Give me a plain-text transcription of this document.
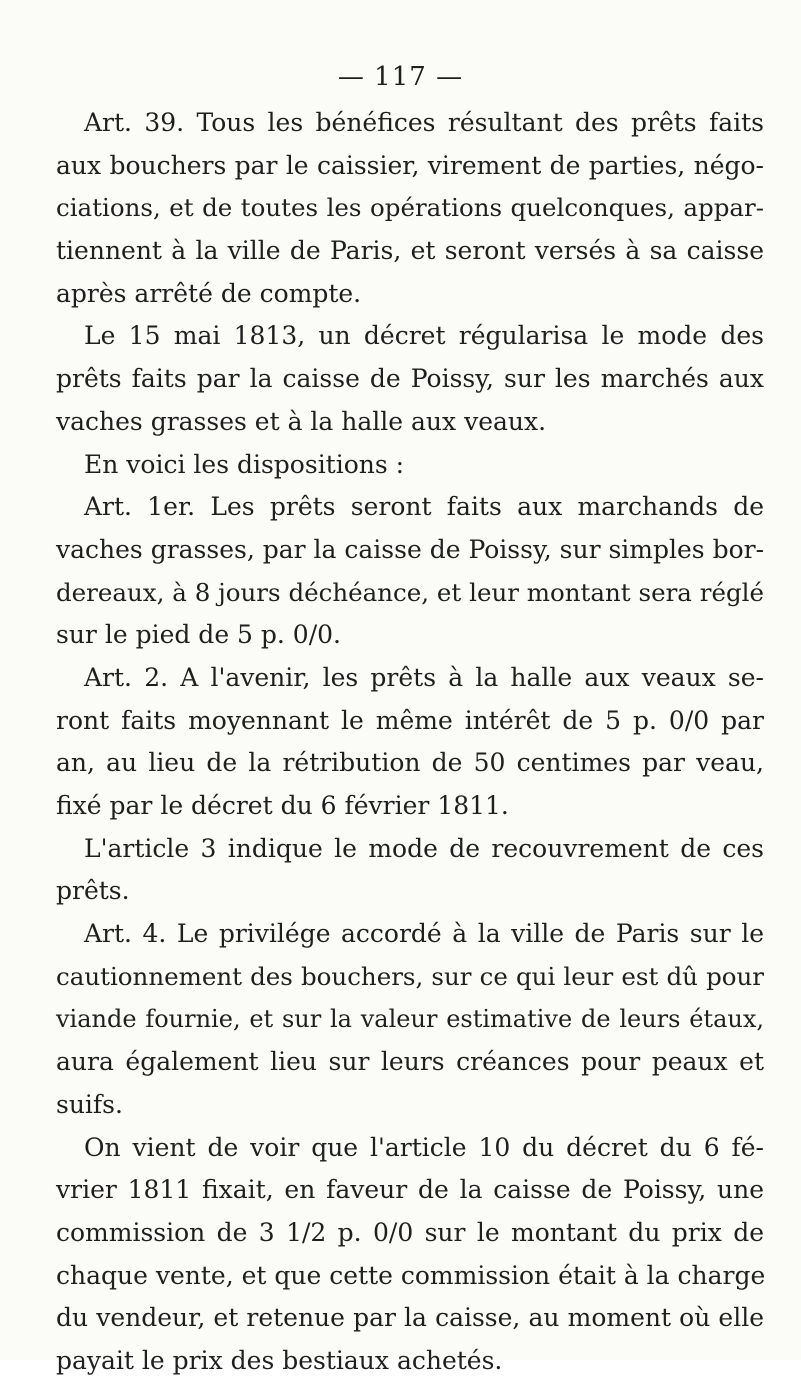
— 117 —
Art. 39. Tous les bénéfices résultant des prêts faits
aux bouchers par le caissier, virement de parties, négo-
ciations, et de toutes les opérations quelconques, appar-
tiennent à la ville de Paris, et seront versés à sa caisse
après arrêté de compte.
Le 15 mai 1813, un décret régularisa le mode des
prêts faits par la caisse de Poissy, sur les marchés aux
vaches grasses et à la halle aux veaux.
En voici les dispositions :
Art. 1er. Les prêts seront faits aux marchands de
vaches grasses, par la caisse de Poissy, sur simples bor-
dereaux, à 8 jours déchéance, et leur montant sera réglé
sur le pied de 5 p. 0/0.
Art. 2. A l'avenir, les prêts à la halle aux veaux se-
ront faits moyennant le même intérêt de 5 p. 0/0 par
an, au lieu de la rétribution de 50 centimes par veau,
fixé par le décret du 6 février 1811.
L'article 3 indique le mode de recouvrement de ces
prêts.
Art. 4. Le privilége accordé à la ville de Paris sur le
cautionnement des bouchers, sur ce qui leur est dû pour
viande fournie, et sur la valeur estimative de leurs étaux,
aura également lieu sur leurs créances pour peaux et
suifs.
On vient de voir que l'article 10 du décret du 6 fé-
vrier 1811 fixait, en faveur de la caisse de Poissy, une
commission de 3 1/2 p. 0/0 sur le montant du prix de
chaque vente, et que cette commission était à la charge
du vendeur, et retenue par la caisse, au moment où elle
payait le prix des bestiaux achetés.
